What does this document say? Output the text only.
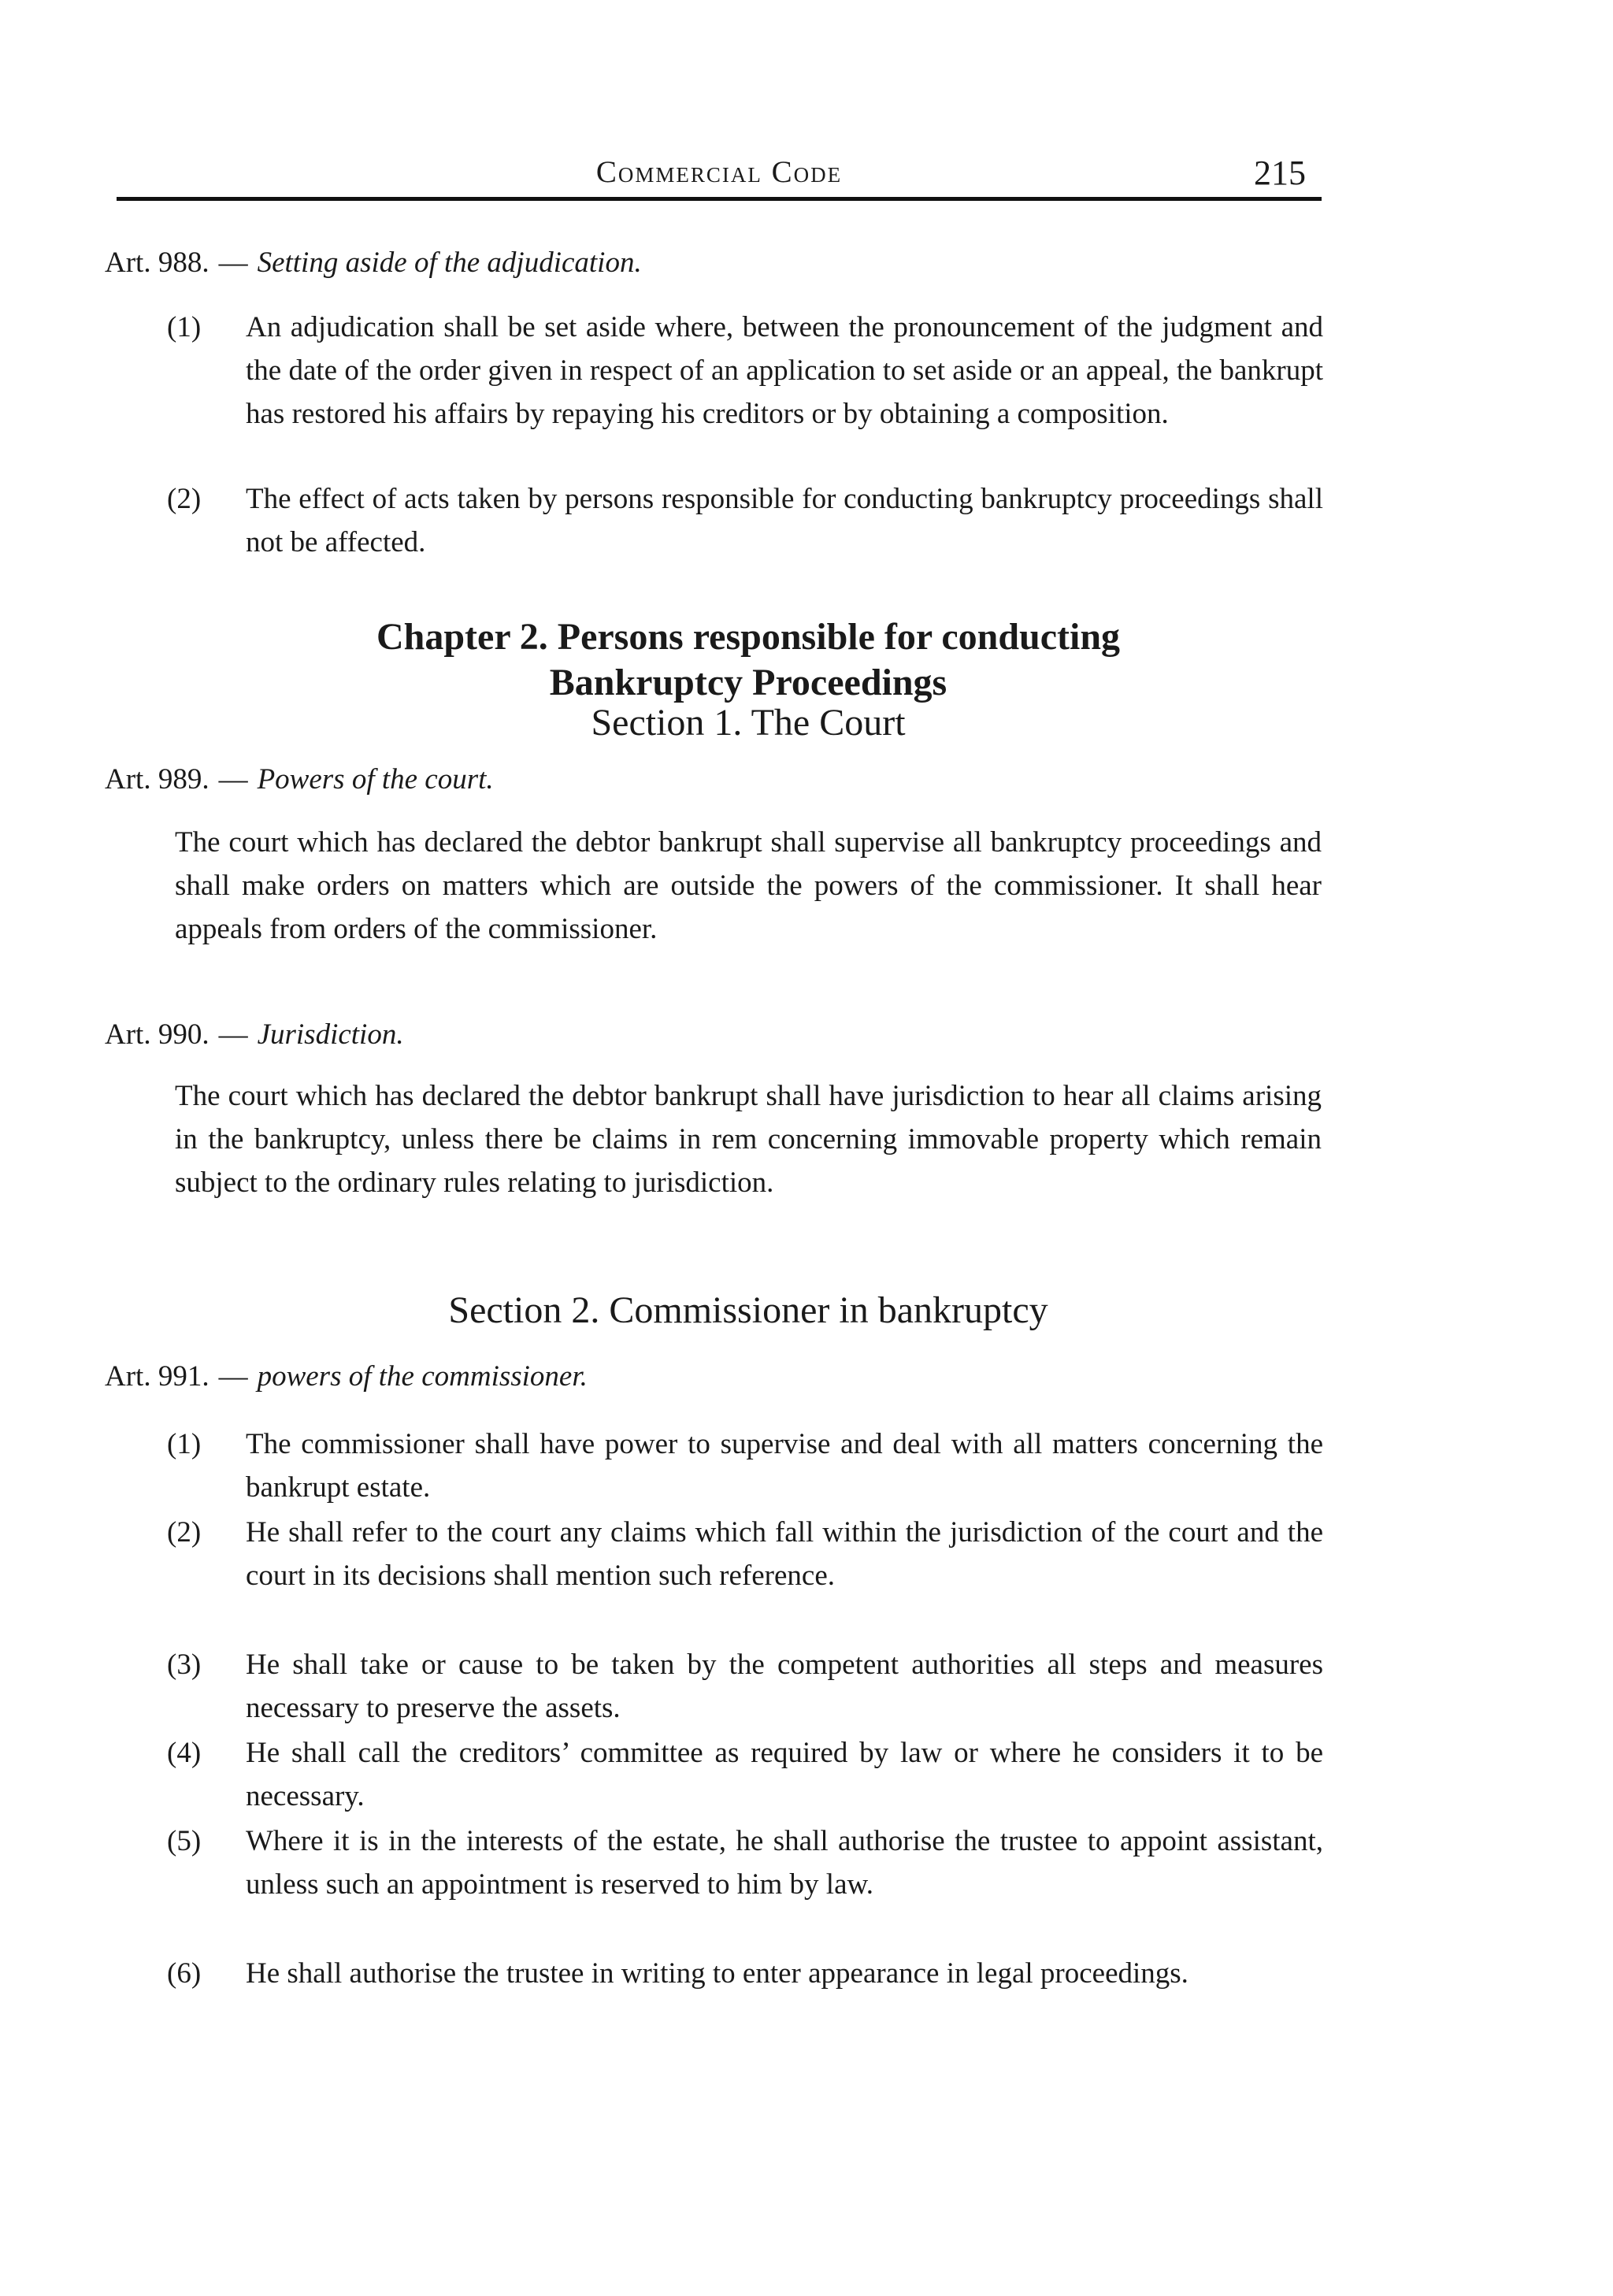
Commercial Code	215
Art. 988. — Setting aside of the adjudication.
(1)	An adjudication shall be set aside where, between the pronouncement of the judgment and the date of the order given in respect of an application to set aside or an appeal, the bankrupt has restored his affairs by repaying his creditors or by obtaining a composition.
(2)	The effect of acts taken by persons responsible for conducting bankruptcy proceedings shall not be affected.
Chapter 2. Persons responsible for conducting
Bankruptcy Proceedings
Section 1. The Court
Art. 989. — Powers of the court.
The court which has declared the debtor bankrupt shall supervise all bankruptcy proceedings and shall make orders on matters which are outside the powers of the commissioner. It shall hear appeals from orders of the commissioner.
Art. 990. — Jurisdiction.
The court which has declared the debtor bankrupt shall have jurisdiction to hear all claims arising in the bankruptcy, unless there be claims in rem concerning immovable property which remain subject to the ordinary rules relating to jurisdiction.
Section 2. Commissioner in bankruptcy
Art. 991. — powers of the commissioner.
(1)	The commissioner shall have power to supervise and deal with all matters concerning the bankrupt estate.
(2)	He shall refer to the court any claims which fall within the jurisdiction of the court and the court in its decisions shall mention such reference.
(3)	He shall take or cause to be taken by the competent authorities all steps and measures necessary to preserve the assets.
(4)	He shall call the creditors’ committee as required by law or where he considers it to be necessary.
(5)	Where it is in the interests of the estate, he shall authorise the trustee to appoint assistant, unless such an appointment is reserved to him by law.
(6)	He shall authorise the trustee in writing to enter appearance in legal proceedings.
